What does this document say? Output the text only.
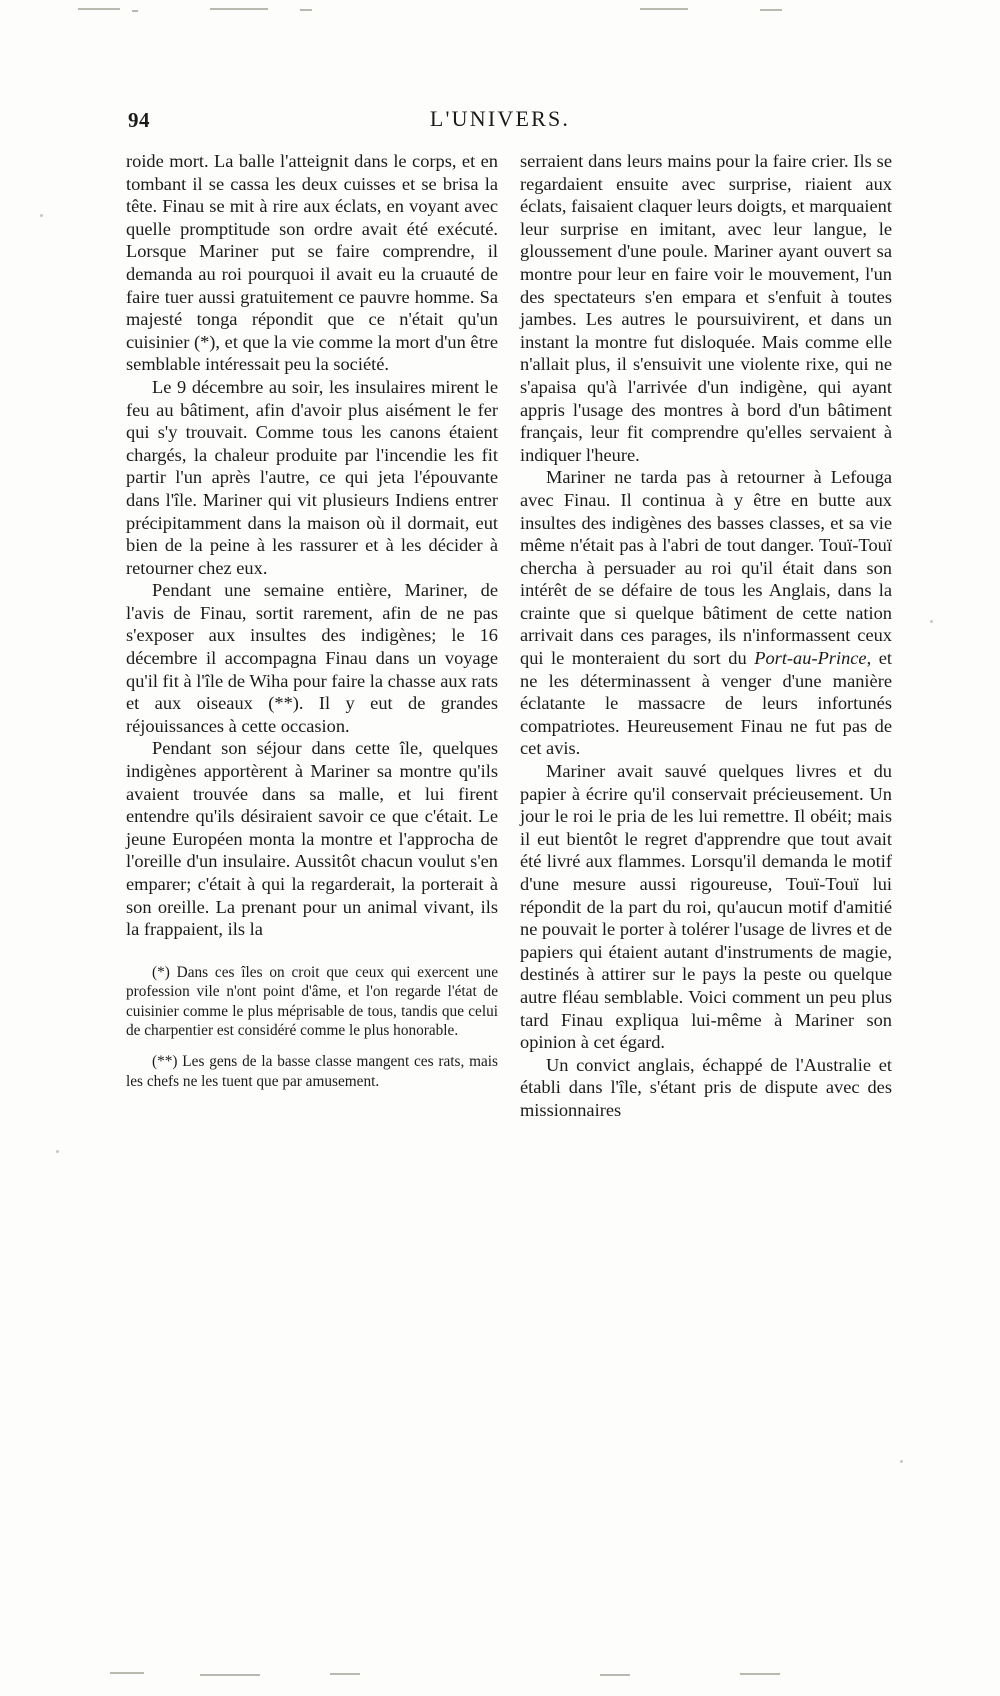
94	L'UNIVERS.

roide mort. La balle l'atteignit dans le corps, et en tombant il se cassa les deux cuisses et se brisa la tête. Finau se mit à rire aux éclats, en voyant avec quelle promptitude son ordre avait été exécuté. Lorsque Mariner put se faire comprendre, il demanda au roi pourquoi il avait eu la cruauté de faire tuer aussi gratuitement ce pauvre homme. Sa majesté tonga répondit que ce n'était qu'un cuisinier (*), et que la vie comme la mort d'un être semblable intéressait peu la société.

Le 9 décembre au soir, les insulaires mirent le feu au bâtiment, afin d'avoir plus aisément le fer qui s'y trouvait. Comme tous les canons étaient chargés, la chaleur produite par l'incendie les fit partir l'un après l'autre, ce qui jeta l'épouvante dans l'île. Mariner qui vit plusieurs Indiens entrer précipitamment dans la maison où il dormait, eut bien de la peine à les rassurer et à les décider à retourner chez eux.

Pendant une semaine entière, Mariner, de l'avis de Finau, sortit rarement, afin de ne pas s'exposer aux insultes des indigènes; le 16 décembre il accompagna Finau dans un voyage qu'il fit à l'île de Wiha pour faire la chasse aux rats et aux oiseaux (**). Il y eut de grandes réjouissances à cette occasion.

Pendant son séjour dans cette île, quelques indigènes apportèrent à Mariner sa montre qu'ils avaient trouvée dans sa malle, et lui firent entendre qu'ils désiraient savoir ce que c'était. Le jeune Européen monta la montre et l'approcha de l'oreille d'un insulaire. Aussitôt chacun voulut s'en emparer; c'était à qui la regarderait, la porterait à son oreille. La prenant pour un animal vivant, ils la frappaient, ils la

(*) Dans ces îles on croit que ceux qui exercent une profession vile n'ont point d'âme, et l'on regarde l'état de cuisinier comme le plus méprisable de tous, tandis que celui de charpentier est considéré comme le plus honorable.

(**) Les gens de la basse classe mangent ces rats, mais les chefs ne les tuent que par amusement.

serraient dans leurs mains pour la faire crier. Ils se regardaient ensuite avec surprise, riaient aux éclats, faisaient claquer leurs doigts, et marquaient leur surprise en imitant, avec leur langue, le gloussement d'une poule. Mariner ayant ouvert sa montre pour leur en faire voir le mouvement, l'un des spectateurs s'en empara et s'enfuit à toutes jambes. Les autres le poursuivirent, et dans un instant la montre fut disloquée. Mais comme elle n'allait plus, il s'ensuivit une violente rixe, qui ne s'apaisa qu'à l'arrivée d'un indigène, qui ayant appris l'usage des montres à bord d'un bâtiment français, leur fit comprendre qu'elles servaient à indiquer l'heure.

Mariner ne tarda pas à retourner à Lefouga avec Finau. Il continua à y être en butte aux insultes des indigènes des basses classes, et sa vie même n'était pas à l'abri de tout danger. Touï-Touï chercha à persuader au roi qu'il était dans son intérêt de se défaire de tous les Anglais, dans la crainte que si quelque bâtiment de cette nation arrivait dans ces parages, ils n'informassent ceux qui le monteraient du sort du Port-au-Prince, et ne les déterminassent à venger d'une manière éclatante le massacre de leurs infortunés compatriotes. Heureusement Finau ne fut pas de cet avis.

Mariner avait sauvé quelques livres et du papier à écrire qu'il conservait précieusement. Un jour le roi le pria de les lui remettre. Il obéit; mais il eut bientôt le regret d'apprendre que tout avait été livré aux flammes. Lorsqu'il demanda le motif d'une mesure aussi rigoureuse, Touï-Touï lui répondit de la part du roi, qu'aucun motif d'amitié ne pouvait le porter à tolérer l'usage de livres et de papiers qui étaient autant d'instruments de magie, destinés à attirer sur le pays la peste ou quelque autre fléau semblable. Voici comment un peu plus tard Finau expliqua lui-même à Mariner son opinion à cet égard.

Un convict anglais, échappé de l'Australie et établi dans l'île, s'étant pris de dispute avec des missionnaires
